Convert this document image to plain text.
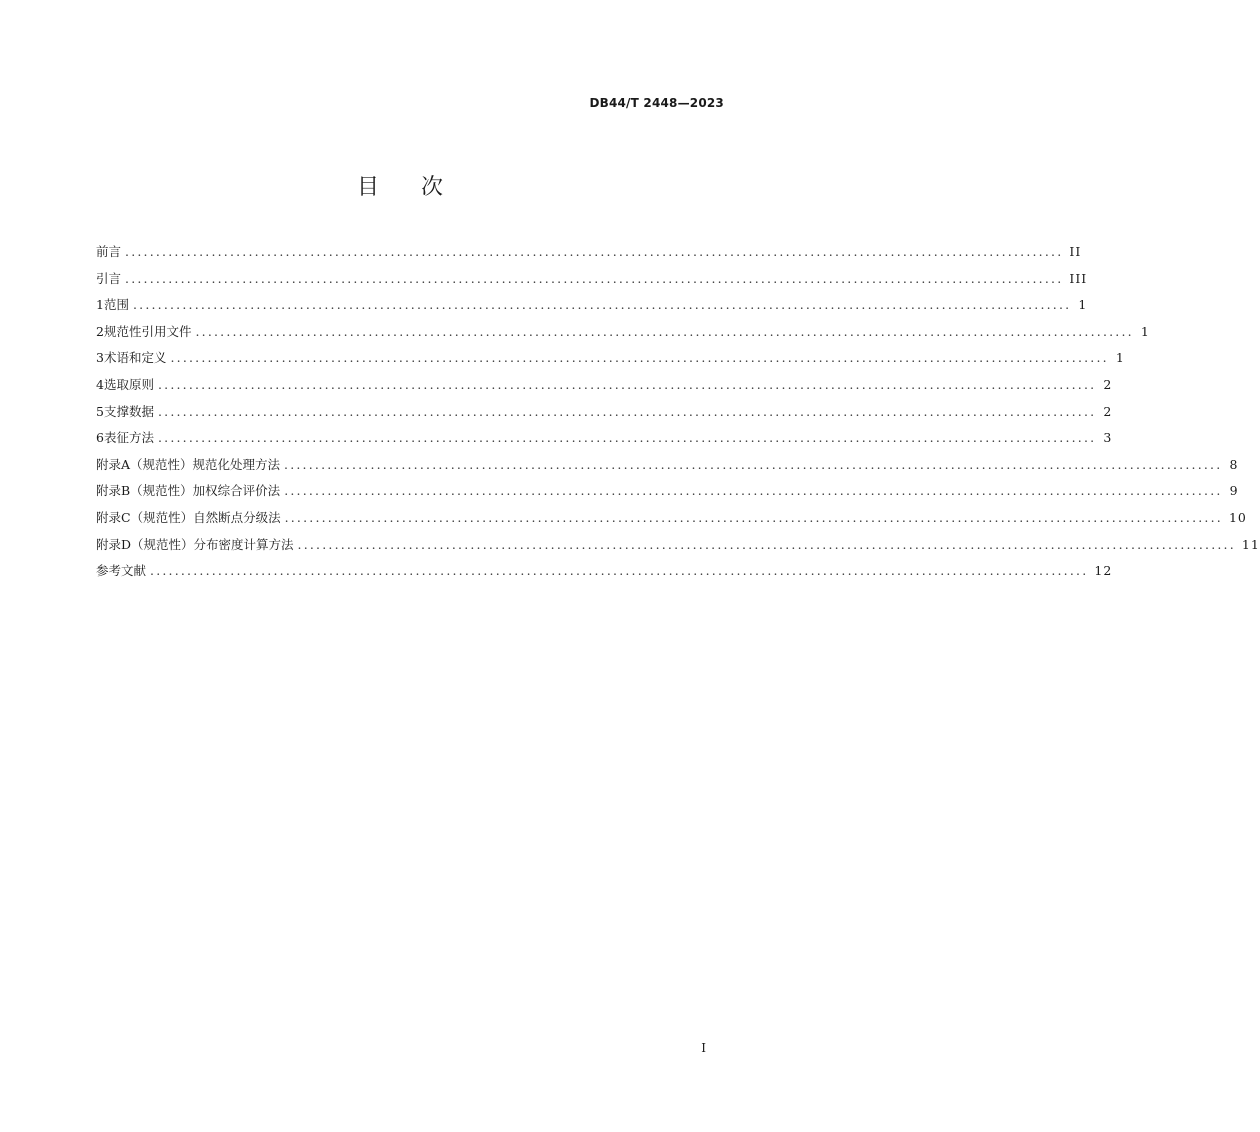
DB44/T 2448—2023
目 次
前言 ........................................................................................................................................................ II
引言 ........................................................................................................................................................ III
1 范围 ........................................................................................................................................................ 1
2 规范性引用文件 ........................................................................................................................................................ 1
3 术语和定义 ........................................................................................................................................................ 1
4 选取原则 ........................................................................................................................................................ 2
5 支撑数据 ........................................................................................................................................................ 2
6 表征方法 ........................................................................................................................................................ 3
附录A（规范性）规范化处理方法 ........................................................................................................................................................ 8
附录B（规范性）加权综合评价法 ........................................................................................................................................................ 9
附录C（规范性）自然断点分级法 ........................................................................................................................................................ 10
附录D（规范性）分布密度计算方法 ........................................................................................................................................................ 11
参考文献 ........................................................................................................................................................ 12
I
